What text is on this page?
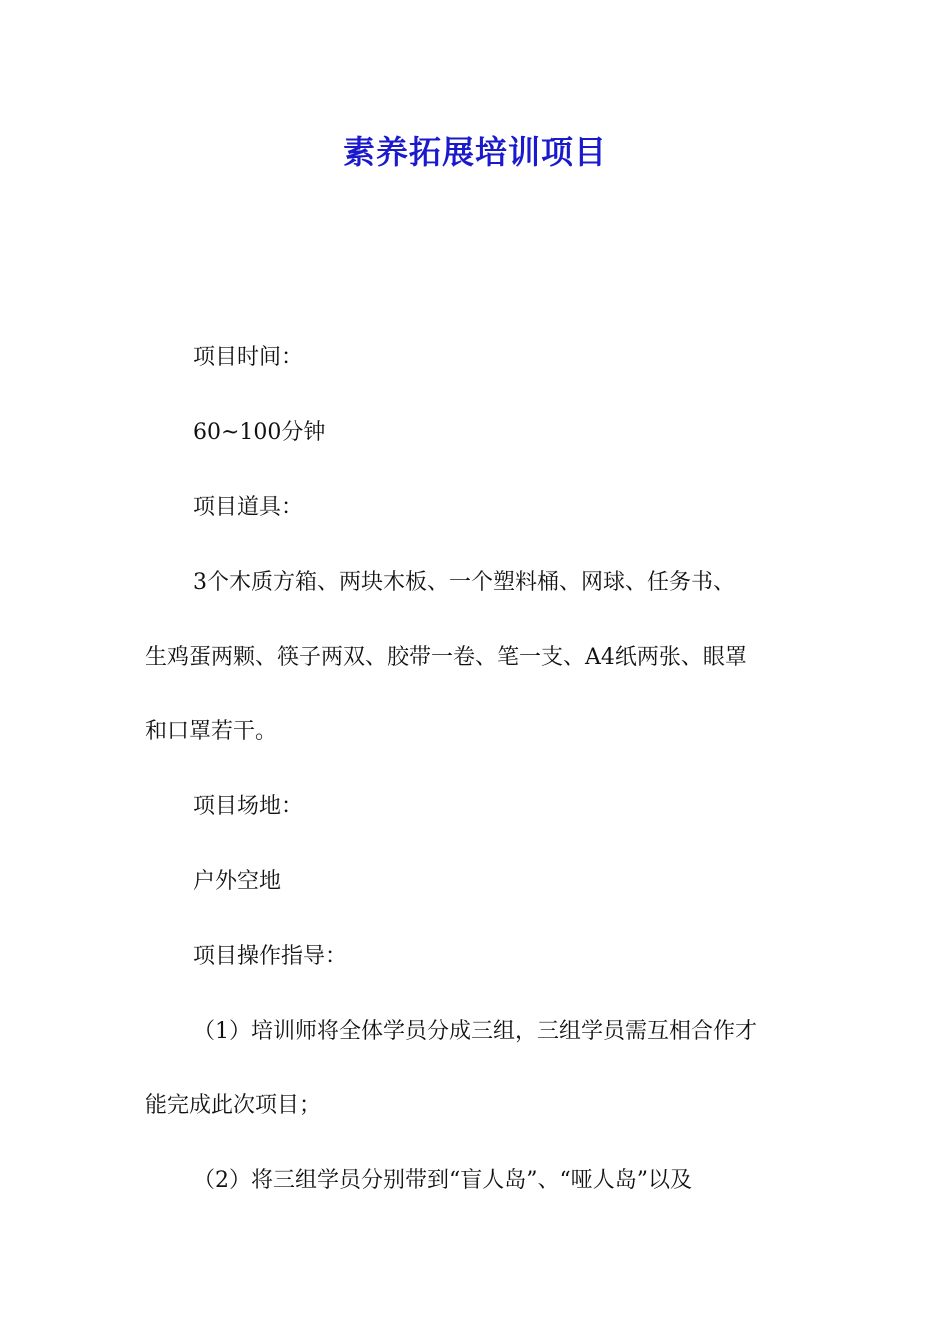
素养拓展培训项目
项目时间：
60~100分钟
项目道具：
3个木质方箱、两块木板、一个塑料桶、网球、任务书、
生鸡蛋两颗、筷子两双、胶带一卷、笔一支、A4纸两张、眼罩
和口罩若干。
项目场地：
户外空地
项目操作指导：
（1）培训师将全体学员分成三组，三组学员需互相合作才
能完成此次项目；
（2）将三组学员分别带到“盲人岛”、“哑人岛”以及
